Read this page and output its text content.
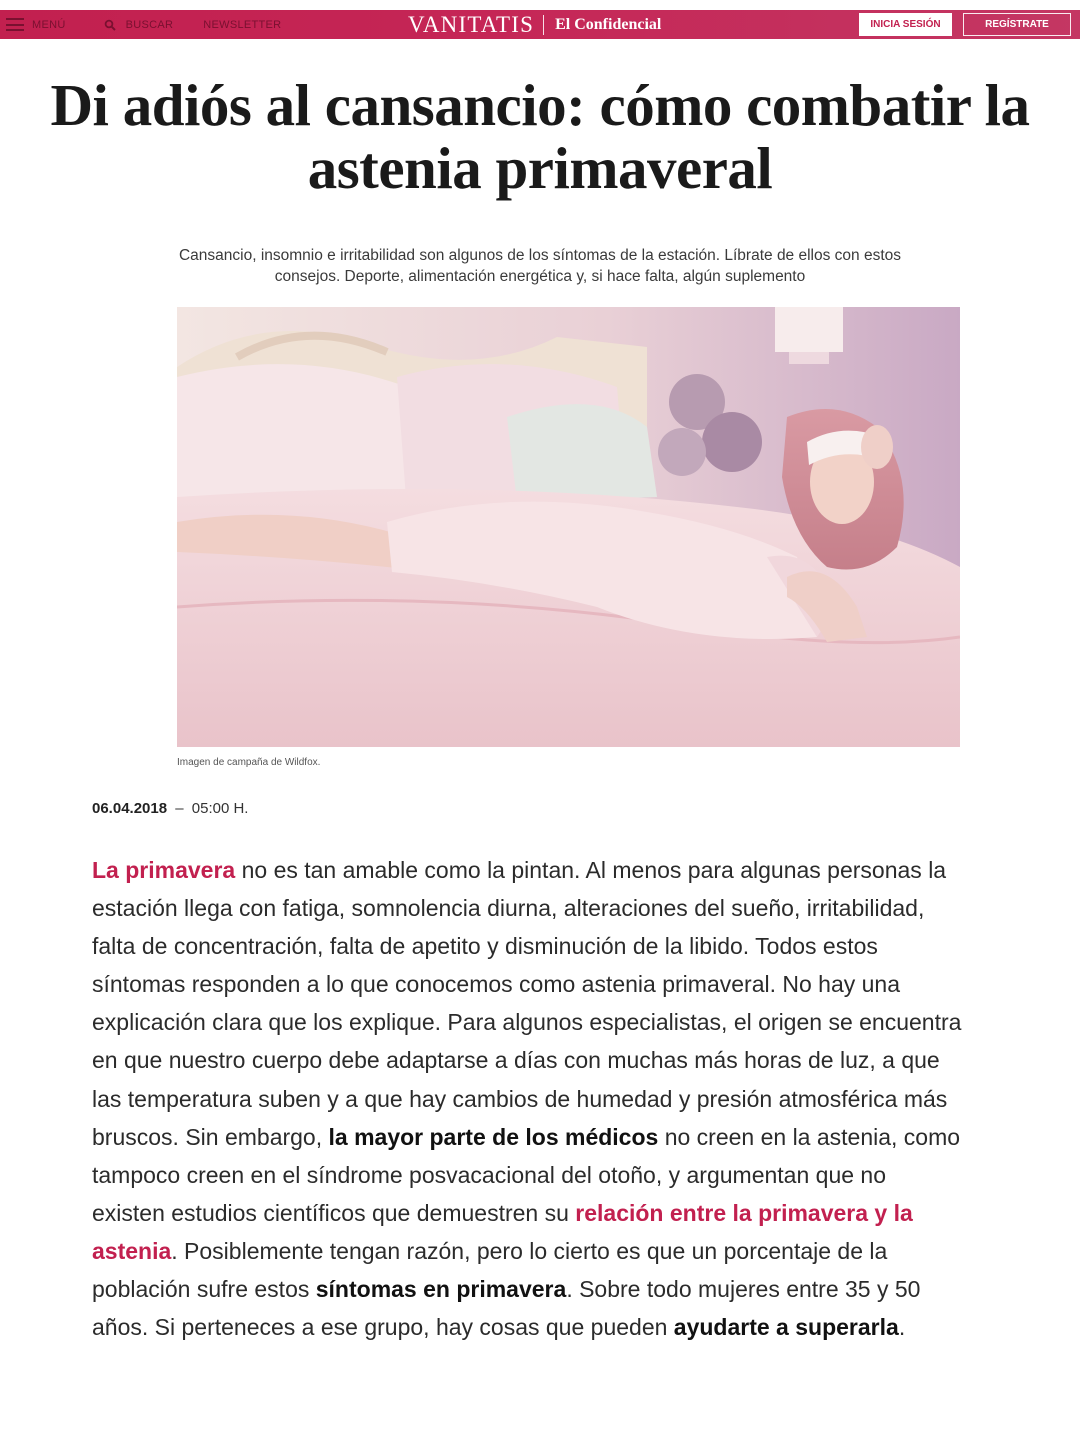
MENÚ	BUSCAR	NEWSLETTER	VANITATIS El Confidencial	INICIA SESIÓN	REGÍSTRATE
Di adiós al cansancio: cómo combatir la astenia primaveral

Cansancio, insomnio e irritabilidad son algunos de los síntomas de la estación. Líbrate de ellos con estos consejos. Deporte, alimentación energética y, si hace falta, algún suplemento

Imagen de campaña de Wildfox.
06.04.2018 – 05:00 H.

La primavera no es tan amable como la pintan. Al menos para algunas personas la estación llega con fatiga, somnolencia diurna, alteraciones del sueño, irritabilidad, falta de concentración, falta de apetito y disminución de la libido. Todos estos síntomas responden a lo que conocemos como astenia primaveral. No hay una explicación clara que los explique. Para algunos especialistas, el origen se encuentra en que nuestro cuerpo debe adaptarse a días con muchas más horas de luz, a que las temperatura suben y a que hay cambios de humedad y presión atmosférica más bruscos. Sin embargo, la mayor parte de los médicos no creen en la astenia, como tampoco creen en el síndrome posvacacional del otoño, y argumentan que no existen estudios científicos que demuestren su relación entre la primavera y la astenia. Posiblemente tengan razón, pero lo cierto es que un porcentaje de la población sufre estos síntomas en primavera. Sobre todo mujeres entre 35 y 50 años. Si perteneces a ese grupo, hay cosas que pueden ayudarte a superarla.
